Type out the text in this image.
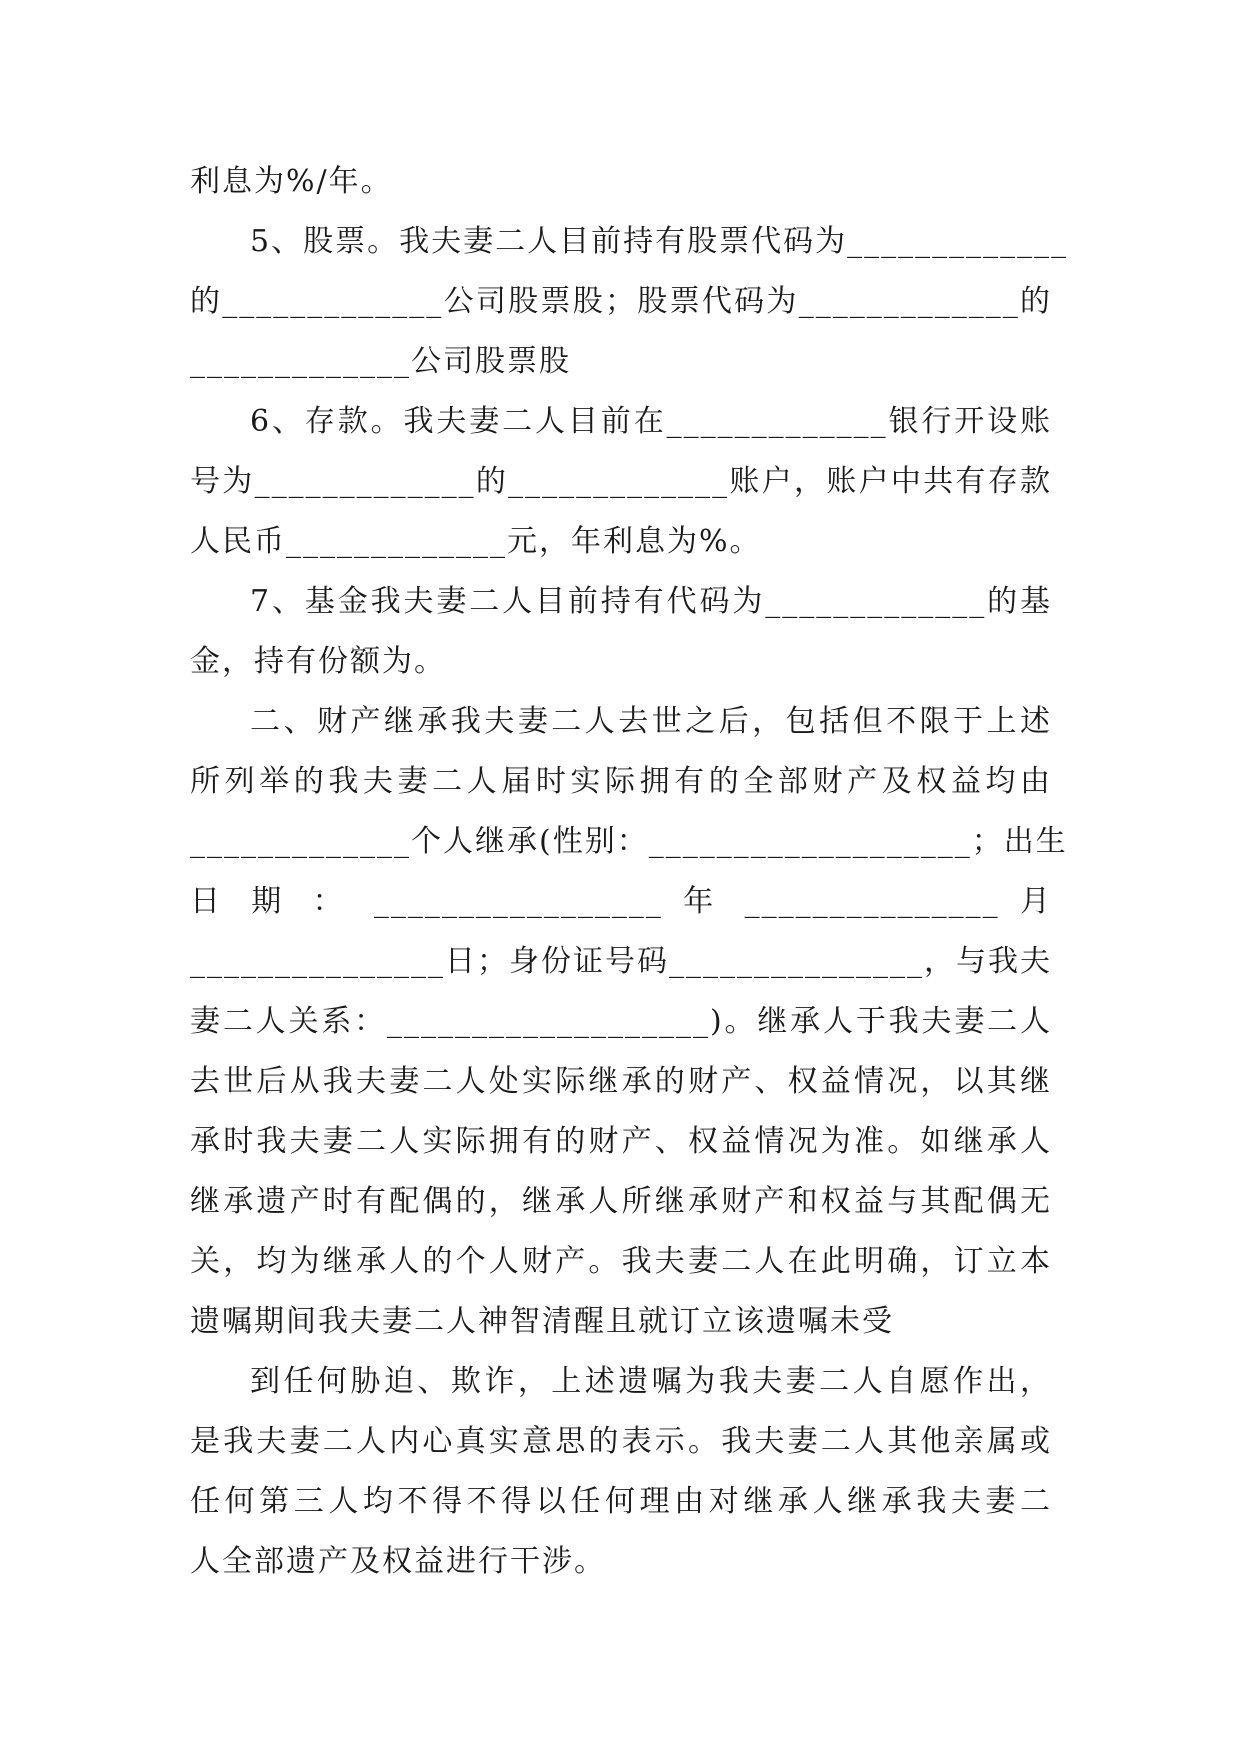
利息为%/年。
5、股票。我夫妻二人目前持有股票代码为_____________
的_____________公司股票股；股票代码为_____________的
_____________公司股票股
6、存款。我夫妻二人目前在_____________银行开设账
号为_____________的_____________账户，账户中共有存款
人民币_____________元，年利息为%。
7、基金我夫妻二人目前持有代码为_____________的基
金，持有份额为。
二、财产继承我夫妻二人去世之后，包括但不限于上述
所列举的我夫妻二人届时实际拥有的全部财产及权益均由
_____________个人继承(性别：___________________；出生
日 期 ： _________________ 年 _______________ 月
_______________日；身份证号码_______________，与我夫
妻二人关系：___________________)。继承人于我夫妻二人
去世后从我夫妻二人处实际继承的财产、权益情况，以其继
承时我夫妻二人实际拥有的财产、权益情况为准。如继承人
继承遗产时有配偶的，继承人所继承财产和权益与其配偶无
关，均为继承人的个人财产。我夫妻二人在此明确，订立本
遗嘱期间我夫妻二人神智清醒且就订立该遗嘱未受
到任何胁迫、欺诈，上述遗嘱为我夫妻二人自愿作出，
是我夫妻二人内心真实意思的表示。我夫妻二人其他亲属或
任何第三人均不得不得以任何理由对继承人继承我夫妻二
人全部遗产及权益进行干涉。
